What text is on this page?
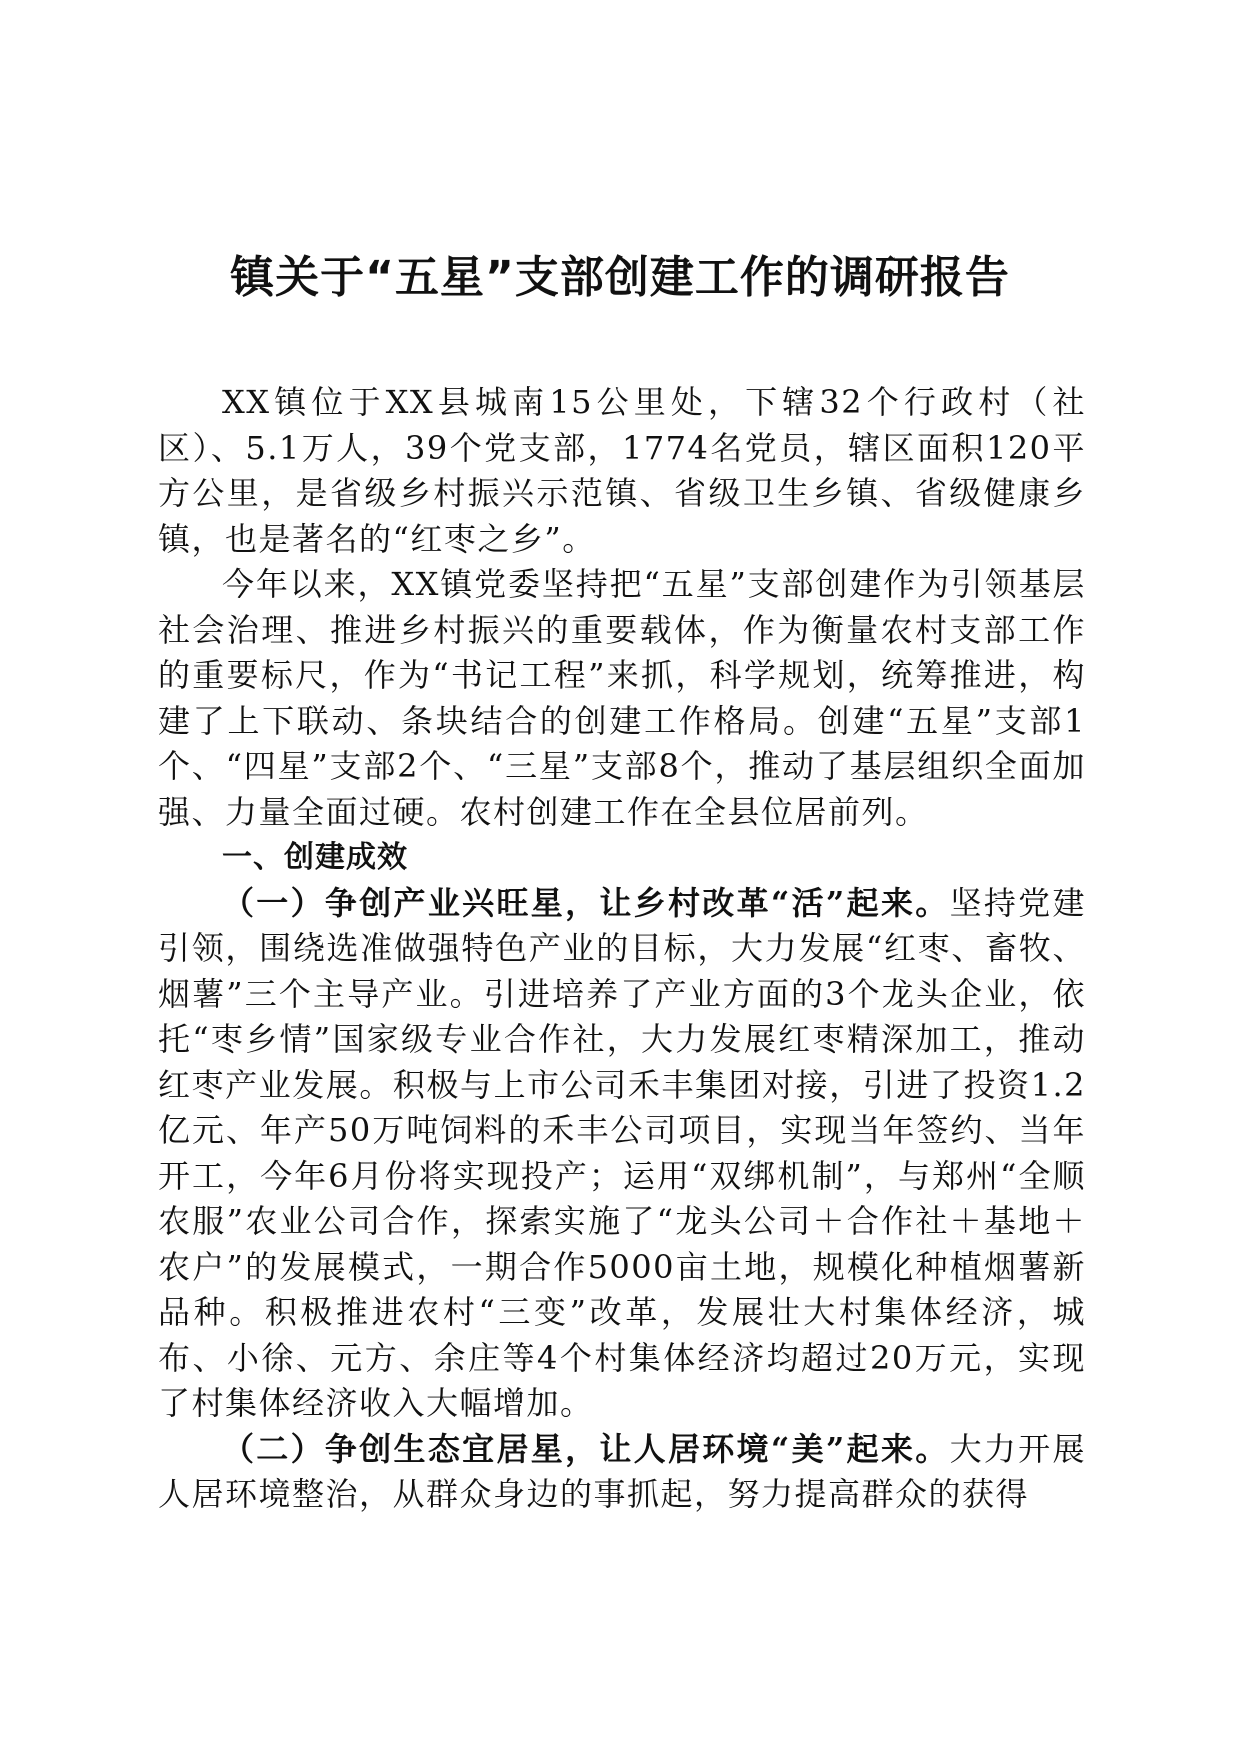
镇关于“五星”支部创建工作的调研报告

XX镇位于XX县城南15公里处，下辖32个行政村（社区）、5.1万人，39个党支部，1774名党员，辖区面积120平方公里，是省级乡村振兴示范镇、省级卫生乡镇、省级健康乡镇，也是著名的“红枣之乡”。

今年以来，XX镇党委坚持把“五星”支部创建作为引领基层社会治理、推进乡村振兴的重要载体，作为衡量农村支部工作的重要标尺，作为“书记工程”来抓，科学规划，统筹推进，构建了上下联动、条块结合的创建工作格局。创建“五星”支部1个、“四星”支部2个、“三星”支部8个，推动了基层组织全面加强、力量全面过硬。农村创建工作在全县位居前列。

一、创建成效

（一）争创产业兴旺星，让乡村改革“活”起来。坚持党建引领，围绕选准做强特色产业的目标，大力发展“红枣、畜牧、烟薯”三个主导产业。引进培养了产业方面的3个龙头企业，依托“枣乡情”国家级专业合作社，大力发展红枣精深加工，推动红枣产业发展。积极与上市公司禾丰集团对接，引进了投资1.2亿元、年产50万吨饲料的禾丰公司项目，实现当年签约、当年开工，今年6月份将实现投产；运用“双绑机制”，与郑州“全顺农服”农业公司合作，探索实施了“龙头公司＋合作社＋基地＋农户”的发展模式，一期合作5000亩土地，规模化种植烟薯新品种。积极推进农村“三变”改革，发展壮大村集体经济，城布、小徐、元方、余庄等4个村集体经济均超过20万元，实现了村集体经济收入大幅增加。

（二）争创生态宜居星，让人居环境“美”起来。大力开展人居环境整治，从群众身边的事抓起，努力提高群众的获得
